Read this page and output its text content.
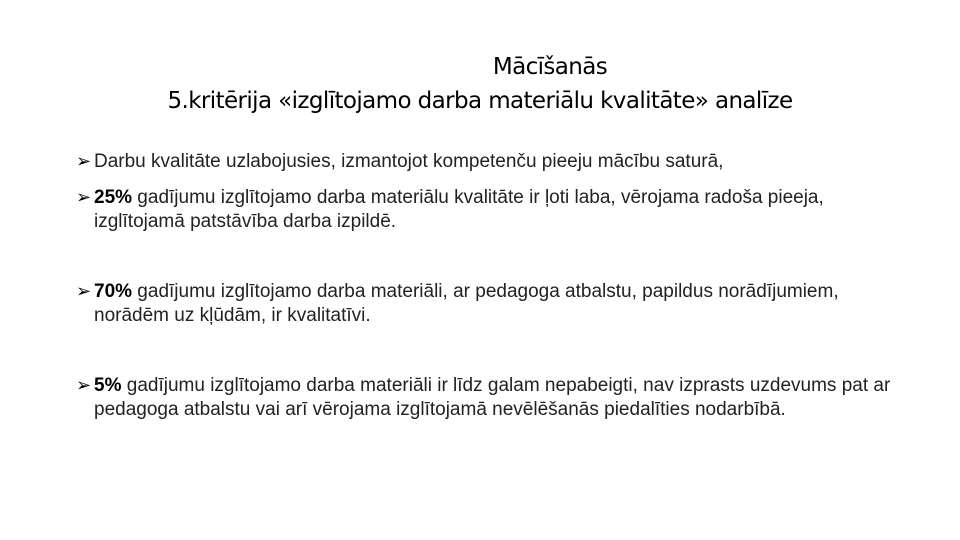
Mācīšanās
5.kritērija «izglītojamo darba materiālu kvalitāte» analīze
➢ Darbu kvalitāte uzlabojusies, izmantojot kompetenču pieeju mācību saturā,
➢ 25% gadījumu izglītojamo darba materiālu kvalitāte ir ļoti laba, vērojama radoša pieeja, izglītojamā patstāvība darba izpildē.
➢ 70% gadījumu izglītojamo darba materiāli, ar pedagoga atbalstu, papildus norādījumiem, norādēm uz kļūdām, ir kvalitatīvi.
➢ 5% gadījumu izglītojamo darba materiāli ir līdz galam nepabeigti, nav izprasts uzdevums pat ar pedagoga atbalstu vai arī vērojama izglītojamā nevēlēšanās piedalīties nodarbībā.
